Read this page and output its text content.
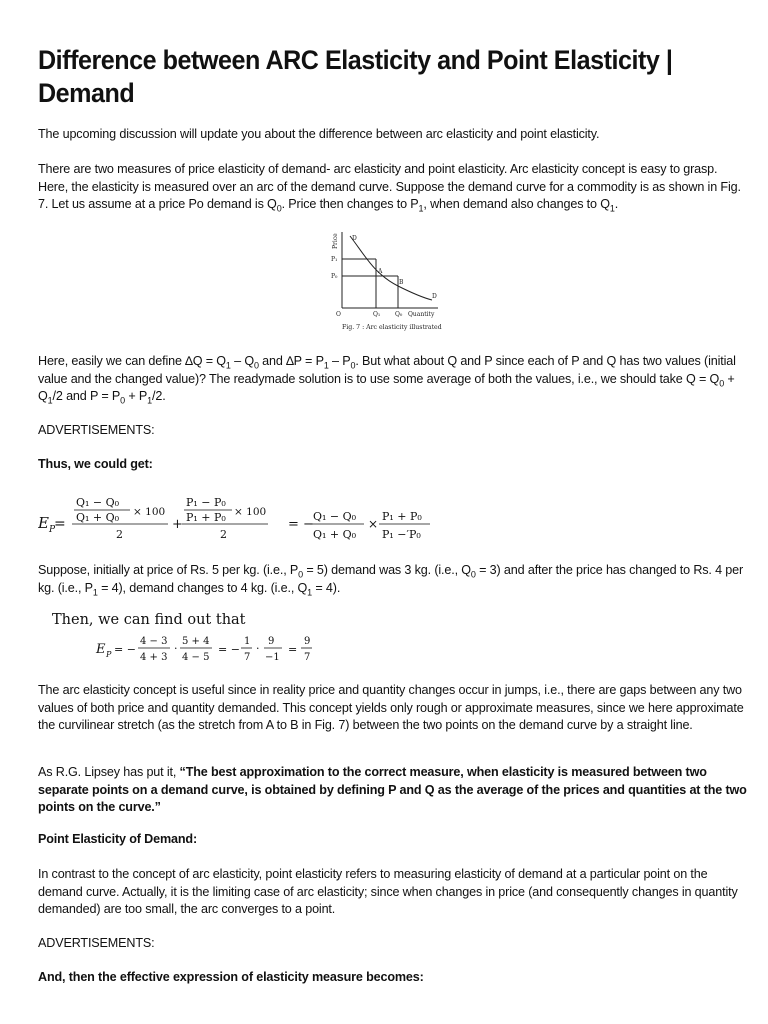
Difference between ARC Elasticity and Point Elasticity | Demand

The upcoming discussion will update you about the difference between arc elasticity and point elasticity.

There are two measures of price elasticity of demand- arc elasticity and point elasticity. Arc elasticity concept is easy to grasp. Here, the elasticity is measured over an arc of the demand curve. Suppose the demand curve for a commodity is as shown in Fig. 7. Let us assume at a price Po demand is $Q_0$. Price then changes to $P_1$, when demand also changes to $Q_1$.

Price D
P₁
P₀
A
B
D
O	Q₁ Q₀ Quantity
Fig. 7 : Arc elasticity illustrated

Here, easily we can define $\Delta Q = Q_1 - Q_0$ and $\Delta P = P_1 - P_0$. But what about Q and P since each of P and Q has two values (initial value and the changed value)? The readymade solution is to use some average of both the values, i.e., we should take $Q = Q_0 + Q_1/2$ and $P = P_0 + P_1/2$.

ADVERTISEMENTS:

Thus, we could get:

E P
=
Q₁ − Q₀
Q₁ + Q₀ × 100
2
+
P₁ − P₀
P₁ + P₀ × 100
2
= −
Q₁ − Q₀
Q₁ + Q₀
×
P₁ + P₀
P₁ −′P₀

Suppose, initially at price of Rs. 5 per kg. (i.e., $P_0 = 5$) demand was 3 kg. (i.e., $Q_0 = 3$) and after the price has changed to Rs. 4 per kg. (i.e., $P_1 = 4$), demand changes to 4 kg. (i.e., $Q_1 = 4$).

Then, we can find out that
E P = −
4 − 3
4 + 3
·
5 + 4
4 − 5
= −
1
7
·
9
−1
=
9
7

The arc elasticity concept is useful since in reality price and quantity changes occur in jumps, i.e., there are gaps between any two values of both price and quantity demanded. This concept yields only rough or approximate measures, since we here approximate the curvilinear stretch (as the stretch from A to B in Fig. 7) between the two points on the demand curve by a straight line.

As R.G. Lipsey has put it, “The best approximation to the correct measure, when elasticity is measured between two separate points on a demand curve, is obtained by defining P and Q as the average of the prices and quantities at the two points on the curve.”

Point Elasticity of Demand:

In contrast to the concept of arc elasticity, point elasticity refers to measuring elasticity of demand at a particular point on the demand curve. Actually, it is the limiting case of arc elasticity; since when changes in price (and consequently changes in quantity demanded) are too small, the arc converges to a point.

ADVERTISEMENTS:

And, then the effective expression of elasticity measure becomes:
